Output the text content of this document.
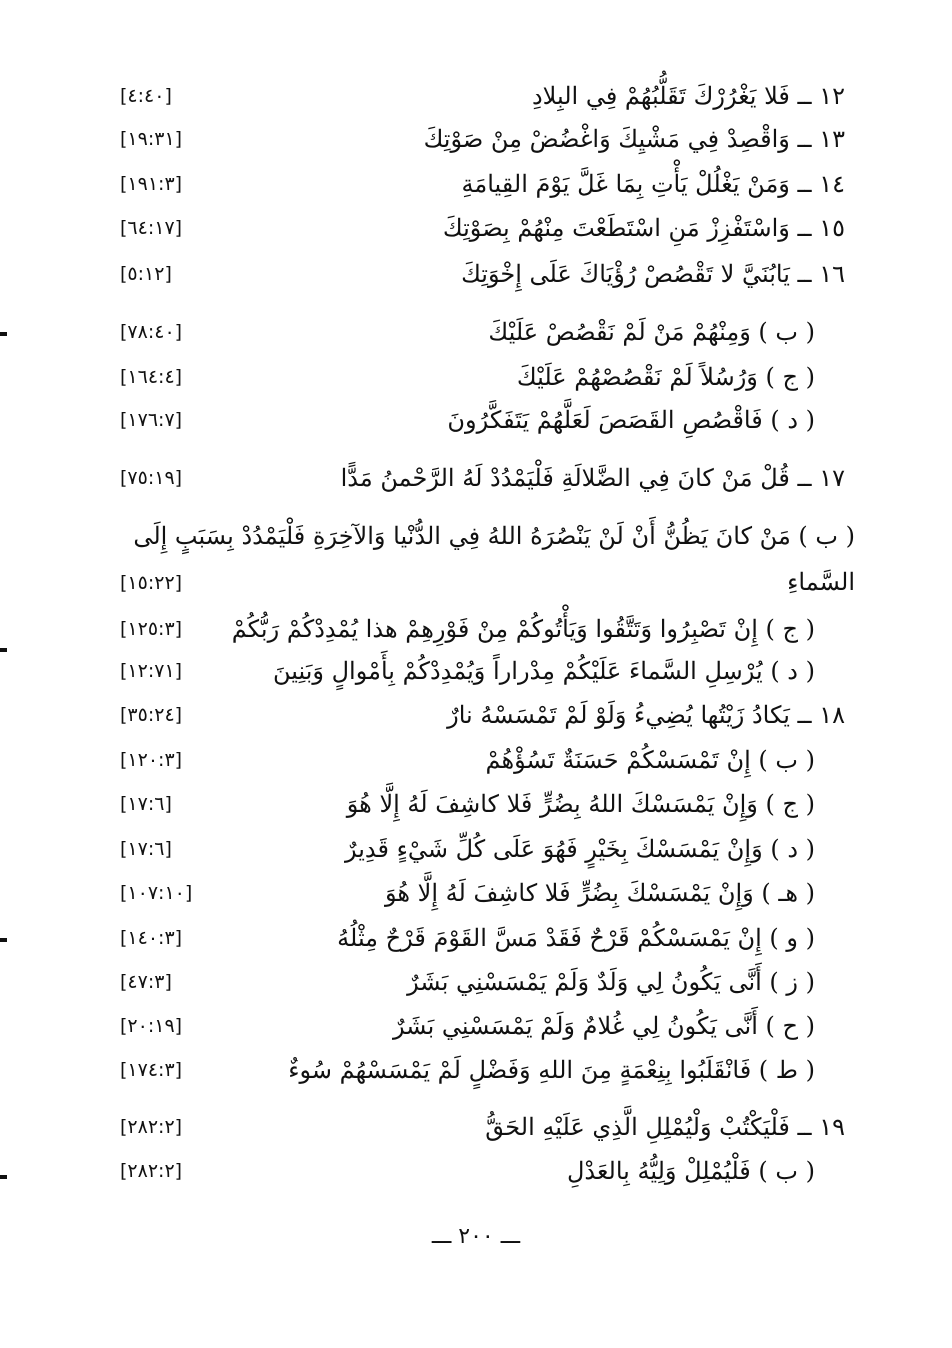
١٢ ــ فَلا يَغْرُرْكَ تَقَلُّبُهُمْ فِي البِلادِ
[٤:٤٠]
١٣ ــ وَاقْصِدْ فِي مَشْيِكَ وَاغْضُضْ مِنْ صَوْتِكَ
[١٩:٣١]
١٤ ــ وَمَنْ يَغْلُلْ يَأْتِ بِمَا غَلَّ يَوْمَ القِيامَةِ
[١٩١:٣]
١٥ ــ وَاسْتَفْزِزْ مَنِ اسْتَطَعْتَ مِنْهُمْ بِصَوْتِكَ
[٦٤:١٧]
١٦ ــ يَابُنَيَّ لا تَقْصُصْ رُؤْيَاكَ عَلَى إِخْوَتِكَ
[٥:١٢]
( ب ) وَمِنْهُمْ مَنْ لَمْ نَقْصُصْ عَلَيْكَ
[٧٨:٤٠]
( ج ) وَرُسُلاً لَمْ نَقْصُصْهُمْ عَلَيْكَ
[١٦٤:٤]
( د ) فَاقْصُصِ القَصَصَ لَعَلَّهُمْ يَتَفَكَّرُونَ
[١٧٦:٧]
١٧ ــ قُلْ مَنْ كانَ فِي الضَّلالَةِ فَلْيَمْدُدْ لَهُ الرَّحْمنُ مَدًّا
[٧٥:١٩]
( ب ) مَنْ كانَ يَظُنُّ أَنْ لَنْ يَنْصُرَهُ اللهُ فِي الدُّنْيا وَالآخِرَةِ فَلْيَمْدُدْ بِسَبَبٍ إِلَى السَّماءِ
[١٥:٢٢]
( ج ) إِنْ تَصْبِرُوا وَتَتَّقُوا وَيَأْتُوكُمْ مِنْ فَوْرِهِمْ هذا يُمْدِدْكُمْ رَبُّكُمْ
[١٢٥:٣]
( د ) يُرْسِلِ السَّماءَ عَلَيْكُمْ مِدْراراً وَيُمْدِدْكُمْ بِأَمْوالٍ وَبَنِينَ
[١٢:٧١]
١٨ ــ يَكادُ زَيْتُها يُضِيءُ وَلَوْ لَمْ تَمْسَسْهُ نارٌ
[٣٥:٢٤]
( ب ) إِنْ تَمْسَسْكُمْ حَسَنَةٌ تَسُؤْهُمْ
[١٢٠:٣]
( ج ) وَإِنْ يَمْسَسْكَ اللهُ بِضُرٍّ فَلا كاشِفَ لَهُ إِلَّا هُوَ
[١٧:٦]
( د ) وَإِنْ يَمْسَسْكَ بِخَيْرٍ فَهُوَ عَلَى كُلِّ شَيْءٍ قَدِيرٌ
[١٧:٦]
( هـ ) وَإِنْ يَمْسَسْكَ بِضُرٍّ فَلا كاشِفَ لَهُ إِلَّا هُوَ
[١٠٧:١٠]
( و ) إِنْ يَمْسَسْكُمْ قَرْحٌ فَقَدْ مَسَّ القَوْمَ قَرْحٌ مِثْلُهُ
[١٤٠:٣]
( ز ) أَنَّى يَكُونُ لِي وَلَدٌ وَلَمْ يَمْسَسْنِي بَشَرٌ
[٤٧:٣]
( ح ) أَنَّى يَكُونُ لِي غُلامٌ وَلَمْ يَمْسَسْنِي بَشَرٌ
[٢٠:١٩]
( ط ) فَانْقَلَبُوا بِنِعْمَةٍ مِنَ اللهِ وَفَضْلٍ لَمْ يَمْسَسْهُمْ سُوءٌ
[١٧٤:٣]
١٩ ــ فَلْيَكْتُبْ وَلْيُمْلِلِ الَّذِي عَلَيْهِ الحَقُّ
[٢٨٢:٢]
( ب ) فَلْيُمْلِلْ وَلِيُّهُ بِالعَدْلِ
[٢٨٢:٢]
ـــ ٢٠٠ ـــ
